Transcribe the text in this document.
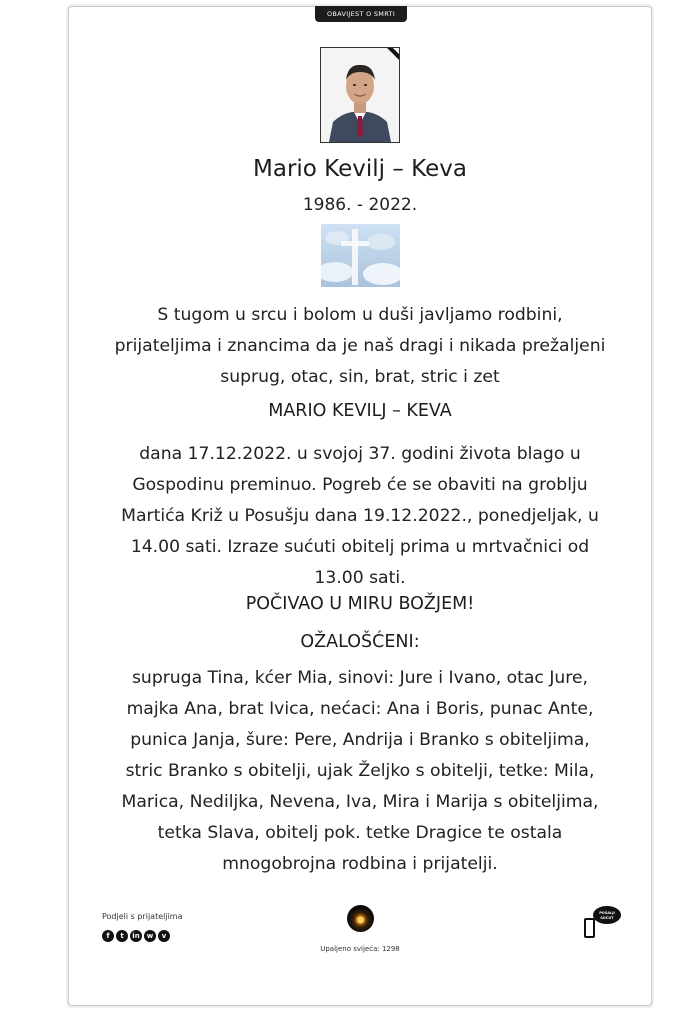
OBAVIJEST O SMRTI
Mario Kevilj – Keva
1986. - 2022.
S tugom u srcu i bolom u duši javljamo rodbini,
prijateljima i znancima da je naš dragi i nikada prežaljeni
suprug, otac, sin, brat, stric i zet
MARIO KEVILJ – KEVA
dana 17.12.2022. u svojoj 37. godini života blago u
Gospodinu preminuo. Pogreb će se obaviti na groblju
Martića Križ u Posušju dana 19.12.2022., ponedjeljak, u
14.00 sati. Izraze sućuti obitelj prima u mrtvačnici od
13.00 sati.
POČIVAO U MIRU BOŽJEM!
OŽALOŠĆENI:
supruga Tina, kćer Mia, sinovi: Jure i Ivano, otac Jure,
majka Ana, brat Ivica, nećaci: Ana i Boris, punac Ante,
punica Janja, šure: Pere, Andrija i Branko s obiteljima,
stric Branko s obitelji, ujak Željko s obitelji, tetke: Mila,
Marica, Nediljka, Nevena, Iva, Mira i Marija s obiteljima,
tetka Slava, obitelj pok. tetke Dragice te ostala
mnogobrojna rodbina i prijatelji.
Podjeli s prijateljima
f	t	in	w	v
Upaljeno svijeća: 1298
POŠALJI
SUĆUT
